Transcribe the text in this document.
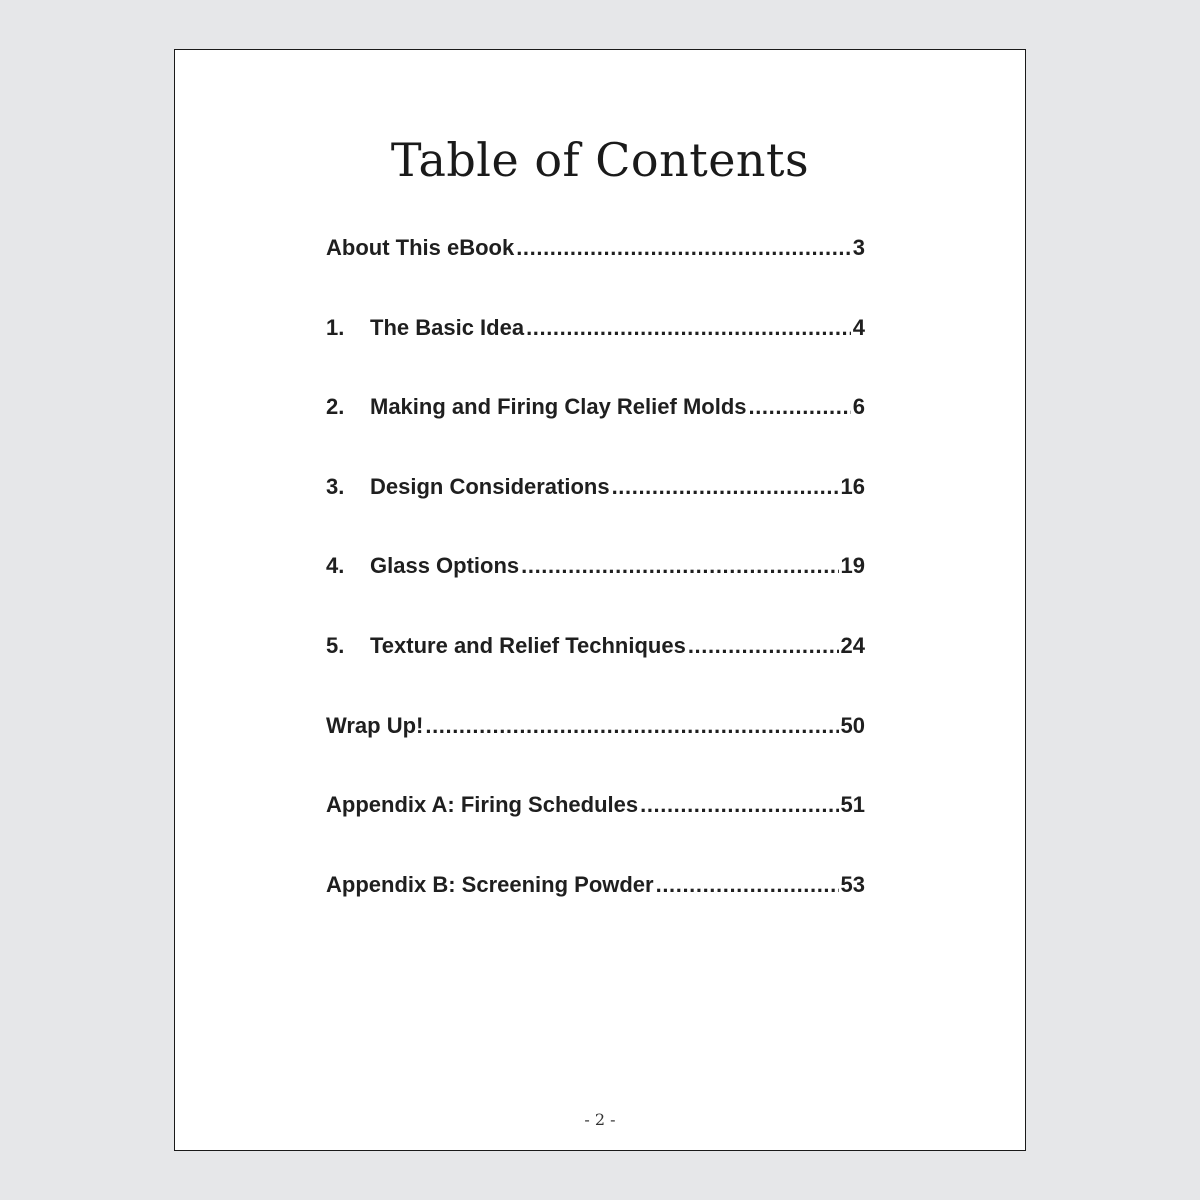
Table of Contents
About This eBook .....	3
1.	The Basic Idea .....	4
2.	Making and Firing Clay Relief Molds .....	6
3.	Design Considerations .....	16
4.	Glass Options .....	19
5.	Texture and Relief Techniques .....	24
Wrap Up! .....	50
Appendix A: Firing Schedules .....	51
Appendix B: Screening Powder .....	53
- 2 -
